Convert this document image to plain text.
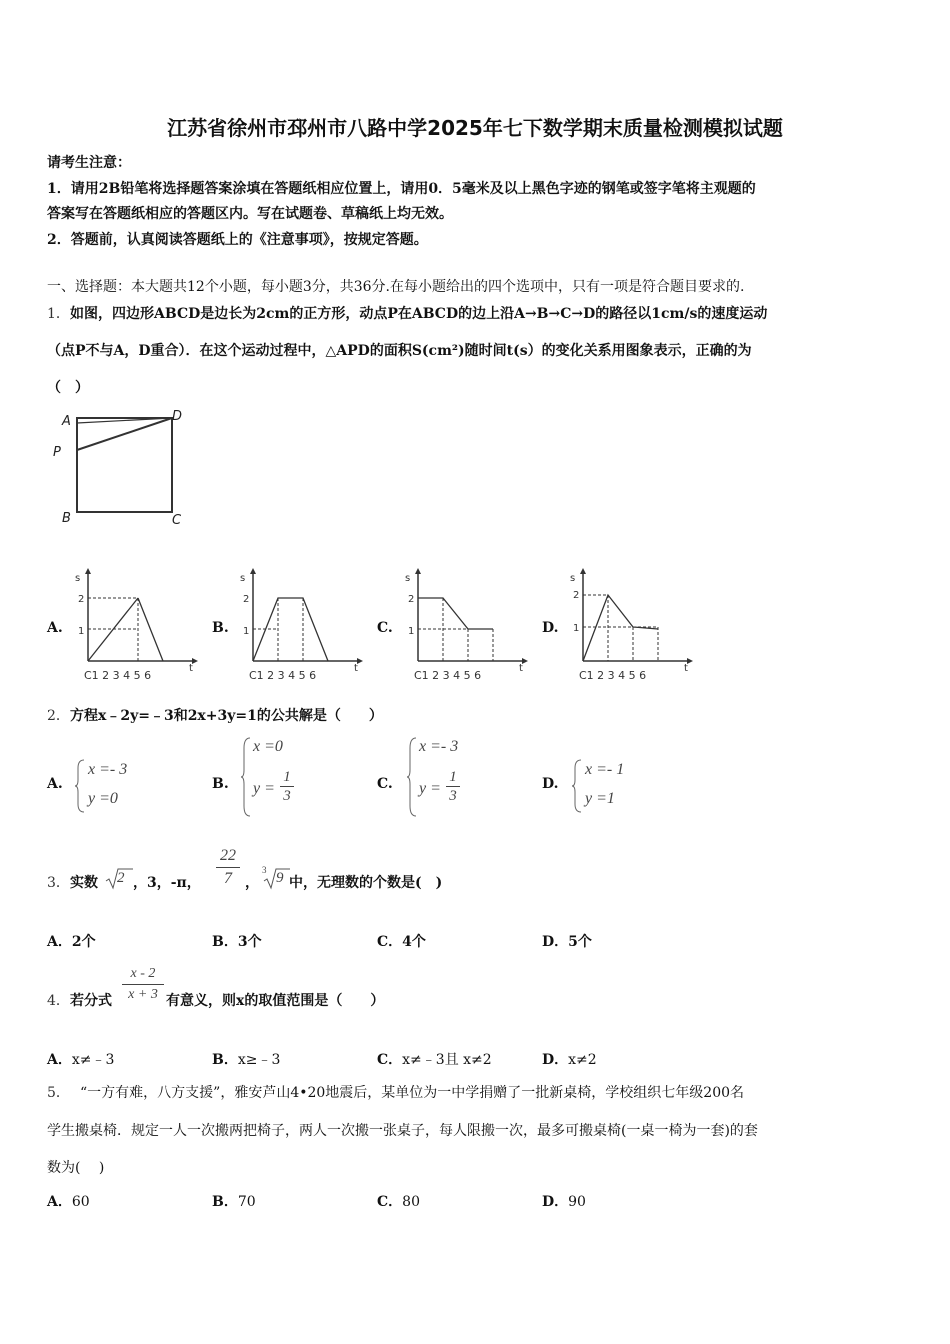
江苏省徐州市邳州市八路中学2025年七下数学期末质量检测模拟试题
请考生注意：
1．请用2B铅笔将选择题答案涂填在答题纸相应位置上，请用0．5毫米及以上黑色字迹的钢笔或签字笔将主观题的
答案写在答题纸相应的答题区内。写在试题卷、草稿纸上均无效。
2．答题前，认真阅读答题纸上的《注意事项》，按规定答题。
一、选择题：本大题共12个小题，每小题3分，共36分.在每小题给出的四个选项中，只有一项是符合题目要求的.
1． 如图，四边形ABCD是边长为2cm的正方形，动点P在ABCD的边上沿A→B→C→D的路径以1cm/s的速度运动
（点P不与A，D重合）．在这个运动过程中，△APD的面积S(cm²)随时间t(s）的变化关系用图象表示，正确的为
（　）
A	D
P
B	C
A.	B.	C.	D.
s
t
2
1
C1 2 3 4 5 6
s
t
2
1
C1 2 3 4 5 6
s
t
2
1
C1 2 3 4 5 6
s
t
2
1
C1 2 3 4 5 6
2． 方程x﹣2y=﹣3和2x+3y=1的公共解是（　　）
A.
x =- 3
y =0
B.
x =0
$y = \frac{1}{3}$	C.
x =- 3
$y = \frac{1}{3}$	D.
x =- 1
y =1
3． 实数 2 ，3，-π， $\frac{22}{7}$ ，
3 9 中，无理数的个数是(　)
A．2个	B．3个	C．4个	D．5个
4． 若分式 $\frac{x - 2}{x + 3}$ 有意义，则x的取值范围是（　　）
A．x≠﹣3	B．x≥﹣3	C．x≠﹣3且 x≠2	D．x≠2
5． “一方有难，八方支援”，雅安芦山4•20地震后，某单位为一中学捐赠了一批新桌椅，学校组织七年级200名
学生搬桌椅．规定一人一次搬两把椅子，两人一次搬一张桌子，每人限搬一次，最多可搬桌椅(一桌一椅为一套)的套
数为(　 )
A．60	B．70	C．80	D．90
